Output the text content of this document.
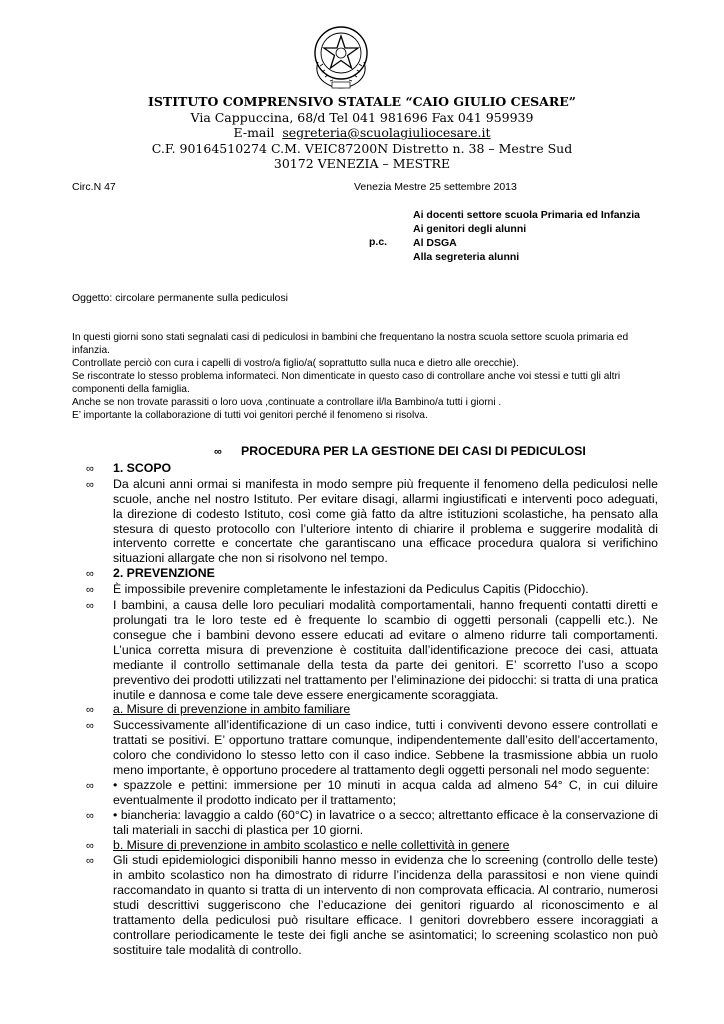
ISTITUTO COMPRENSIVO STATALE “CAIO GIULIO CESARE”
Via Cappuccina, 68/d Tel 041 981696 Fax 041 959939
E-mail segreteria@scuolagiuliocesare.it
C.F. 90164510274 C.M. VEIC87200N Distretto n. 38 – Mestre Sud
30172 VENEZIA – MESTRE
Circ.N 47	Venezia Mestre 25 settembre 2013
p.c.
Ai docenti settore scuola Primaria ed Infanzia
Ai genitori degli alunni
Al DSGA
Alla segreteria alunni
Oggetto: circolare permanente sulla pediculosi

In questi giorni sono stati segnalati casi di pediculosi in bambini che frequentano la nostra scuola settore scuola primaria ed infanzia.

Controllate perciò con cura i capelli di vostro/a figlio/a( soprattutto sulla nuca e dietro alle orecchie).

Se riscontrate lo stesso problema informateci. Non dimenticate in questo caso di controllare anche voi stessi e tutti gli altri componenti della famiglia.

Anche se non trovate parassiti o loro uova ,continuate a controllare il/la Bambino/a tutti i giorni .

E’ importante la collaborazione di tutti voi genitori perché il fenomeno si risolva.

∞	PROCEDURA PER LA GESTIONE DEI CASI DI PEDICULOSI
∞	1. SCOPO
∞	Da alcuni anni ormai si manifesta in modo sempre più frequente il fenomeno della pediculosi nelle scuole, anche nel nostro Istituto. Per evitare disagi, allarmi ingiustificati e interventi poco adeguati, la direzione di codesto Istituto, così come già fatto da altre istituzioni scolastiche, ha pensato alla stesura di questo protocollo con l’ulteriore intento di chiarire il problema e suggerire modalità di intervento corrette e concertate che garantiscano una efficace procedura qualora si verifichino situazioni allargate che non si risolvono nel tempo.
∞	2. PREVENZIONE
∞	È impossibile prevenire completamente le infestazioni da Pediculus Capitis (Pidocchio).
∞	I bambini, a causa delle loro peculiari modalità comportamentali, hanno frequenti contatti diretti e prolungati tra le loro teste ed è frequente lo scambio di oggetti personali (cappelli etc.). Ne consegue che i bambini devono essere educati ad evitare o almeno ridurre tali comportamenti. L’unica corretta misura di prevenzione è costituita dall’identificazione precoce dei casi, attuata mediante il controllo settimanale della testa da parte dei genitori. E’ scorretto l’uso a scopo preventivo dei prodotti utilizzati nel trattamento per l’eliminazione dei pidocchi: si tratta di una pratica inutile e dannosa e come tale deve essere energicamente scoraggiata.
∞	a. Misure di prevenzione in ambito familiare
∞	Successivamente all’identificazione di un caso indice, tutti i conviventi devono essere controllati e trattati se positivi. E’ opportuno trattare comunque, indipendentemente dall’esito dell’accertamento, coloro che condividono lo stesso letto con il caso indice. Sebbene la trasmissione abbia un ruolo meno importante, è opportuno procedere al trattamento degli oggetti personali nel modo seguente:
∞	• spazzole e pettini: immersione per 10 minuti in acqua calda ad almeno 54° C, in cui diluire eventualmente il prodotto indicato per il trattamento;
∞	• biancheria: lavaggio a caldo (60°C) in lavatrice o a secco; altrettanto efficace è la conservazione di tali materiali in sacchi di plastica per 10 giorni.
∞	b. Misure di prevenzione in ambito scolastico e nelle collettività in genere
∞	Gli studi epidemiologici disponibili hanno messo in evidenza che lo screening (controllo delle teste) in ambito scolastico non ha dimostrato di ridurre l’incidenza della parassitosi e non viene quindi raccomandato in quanto si tratta di un intervento di non comprovata efficacia. Al contrario, numerosi studi descrittivi suggeriscono che l’educazione dei genitori riguardo al riconoscimento e al trattamento della pediculosi può risultare efficace. I genitori dovrebbero essere incoraggiati a controllare periodicamente le teste dei figli anche se asintomatici; lo screening scolastico non può sostituire tale modalità di controllo.
